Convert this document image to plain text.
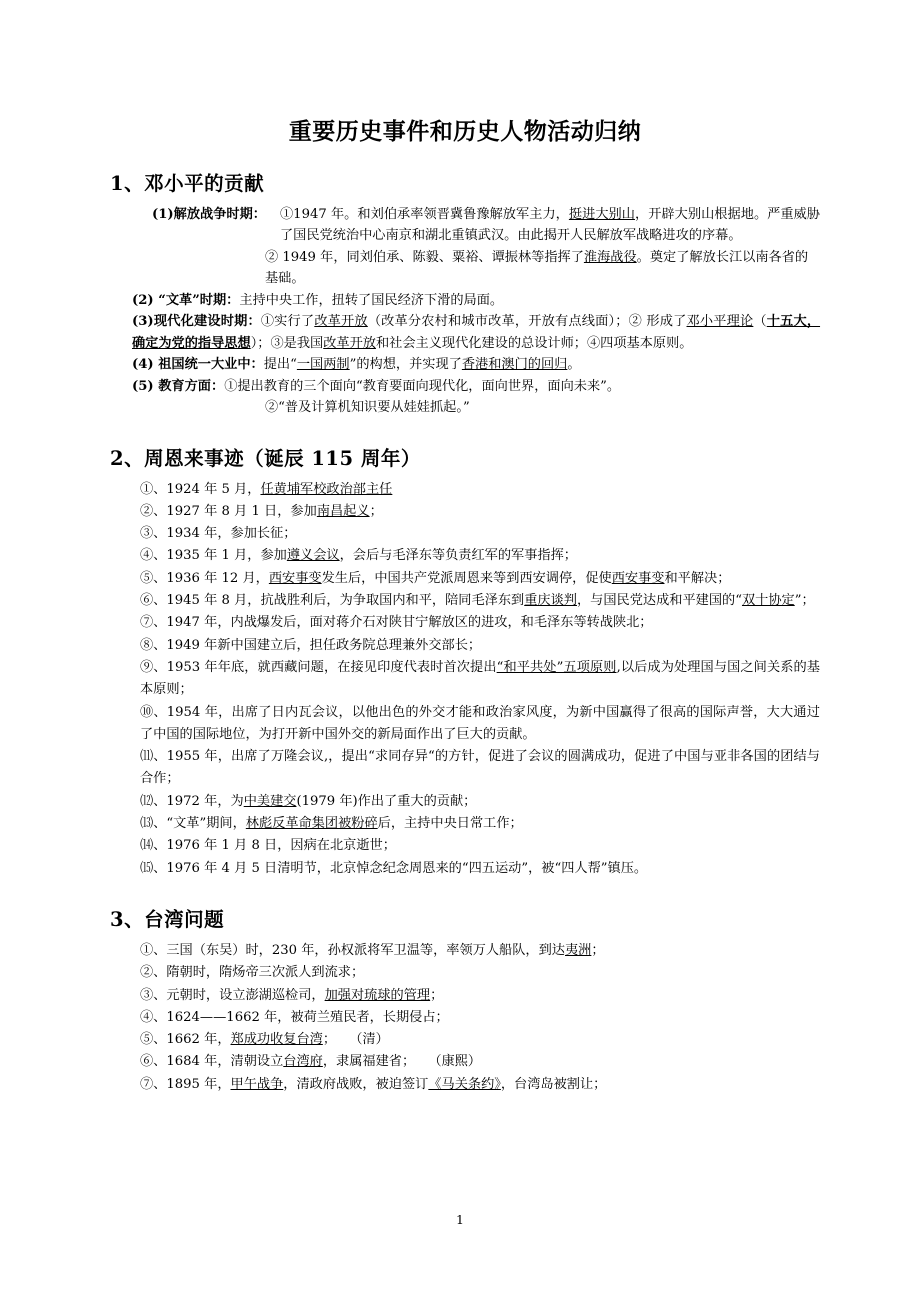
重要历史事件和历史人物活动归纳
1、邓小平的贡献
(1)解放战争时期：	①1947 年。和刘伯承率领晋冀鲁豫解放军主力，挺进大别山，开辟大别山根据地。严重威胁了国民党统治中心南京和湖北重镇武汉。由此揭开人民解放军战略进攻的序幕。
② 1949 年，同刘伯承、陈毅、粟裕、谭振林等指挥了淮海战役。奠定了解放长江以南各省的基础。
(2) “文革”时期：主持中央工作，扭转了国民经济下滑的局面。
(3)现代化建设时期：①实行了改革开放（改革分农村和城市改革，开放有点线面）；② 形成了邓小平理论（十五大，确定为党的指导思想）；③是我国改革开放和社会主义现代化建设的总设计师；④四项基本原则。
(4) 祖国统一大业中：提出“一国两制”的构想，并实现了香港和澳门的回归。
(5) 教育方面：①提出教育的三个面向“教育要面向现代化，面向世界，面向未来”。
②“普及计算机知识要从娃娃抓起。”
2、周恩来事迹（诞辰 115 周年）
①、1924 年 5 月，任黄埔军校政治部主任
②、1927 年 8 月 1 日，参加南昌起义；
③、1934 年，参加长征；
④、1935 年 1 月，参加遵义会议，会后与毛泽东等负责红军的军事指挥；
⑤、1936 年 12 月，西安事变发生后，中国共产党派周恩来等到西安调停，促使西安事变和平解决；
⑥、1945 年 8 月，抗战胜利后，为争取国内和平，陪同毛泽东到重庆谈判，与国民党达成和平建国的“双十协定”；
⑦、1947 年，内战爆发后，面对蒋介石对陕甘宁解放区的进攻，和毛泽东等转战陕北；
⑧、1949 年新中国建立后，担任政务院总理兼外交部长；
⑨、1953 年年底，就西藏问题，在接见印度代表时首次提出“和平共处”五项原则,以后成为处理国与国之间关系的基本原则；
⑩、1954 年，出席了日内瓦会议，以他出色的外交才能和政治家风度，为新中国赢得了很高的国际声誉，大大通过了中国的国际地位，为打开新中国外交的新局面作出了巨大的贡献。
⑾、1955 年，出席了万隆会议,，提出“求同存异“的方针，促进了会议的圆满成功，促进了中国与亚非各国的团结与合作；
⑿、1972 年，为中美建交(1979 年)作出了重大的贡献；
⒀、“文革”期间，林彪反革命集团被粉碎后，主持中央日常工作；
⒁、1976 年 1 月 8 日，因病在北京逝世；
⒂、1976 年 4 月 5 日清明节，北京悼念纪念周恩来的“四五运动”，被“四人帮”镇压。
3、台湾问题
①、三国（东吴）时，230 年，孙权派将军卫温等，率领万人船队，到达夷洲；
②、隋朝时，隋炀帝三次派人到流求；
③、元朝时，设立澎湖巡检司，加强对琉球的管理；
④、1624——1662 年，被荷兰殖民者，长期侵占；
⑤、1662 年，郑成功收复台湾；　　（清）
⑥、1684 年，清朝设立台湾府，隶属福建省；　　（康熙）
⑦、1895 年，甲午战争，清政府战败，被迫签订《马关条约》，台湾岛被割让；
1
